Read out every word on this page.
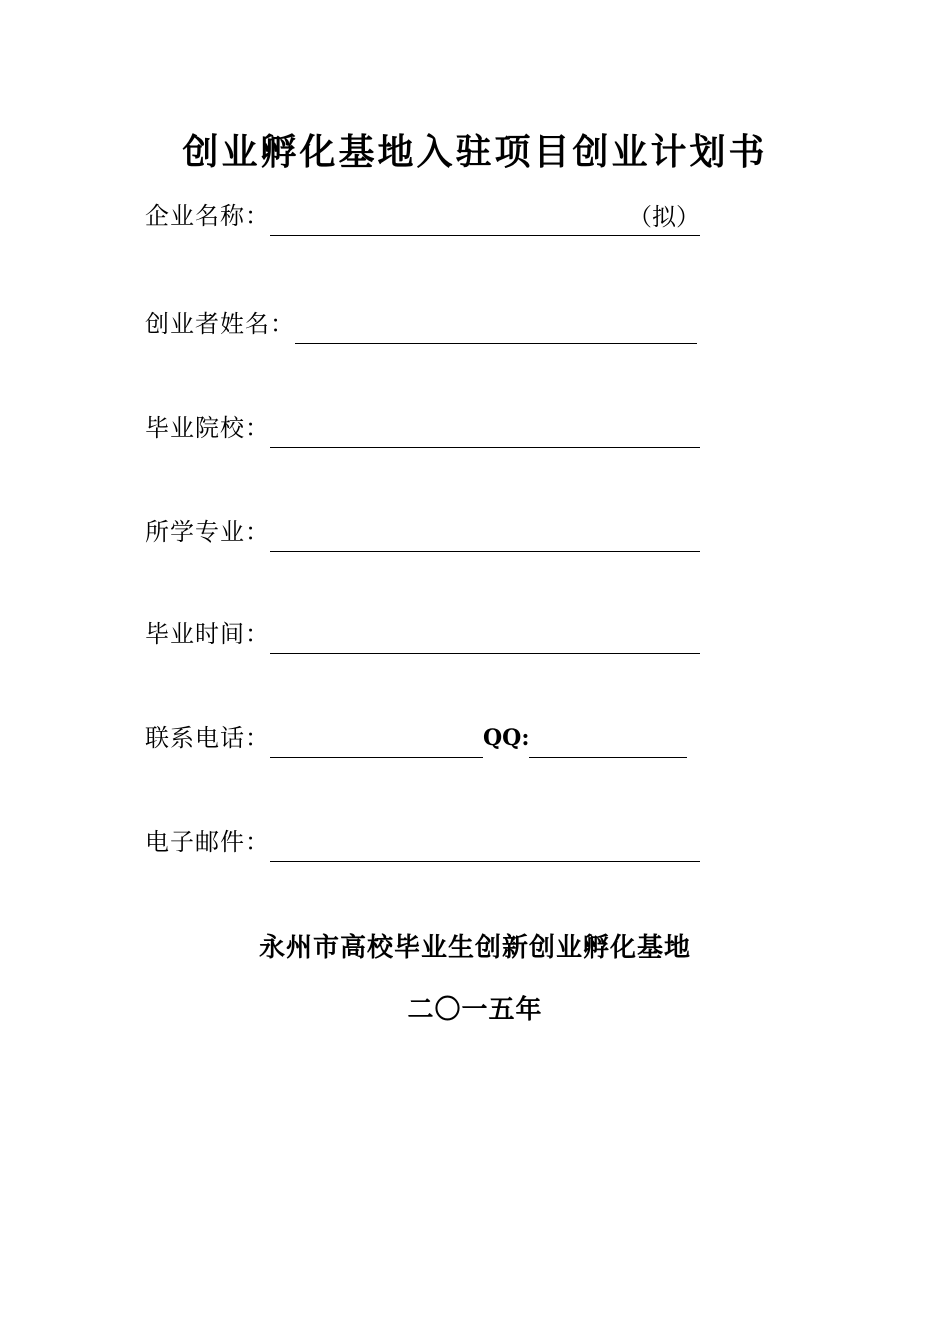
创业孵化基地入驻项目创业计划书
企业名称：	（拟）
创业者姓名：
毕业院校：
所学专业：
毕业时间：
联系电话：	QQ:
电子邮件：
永州市高校毕业生创新创业孵化基地
二〇一五年
